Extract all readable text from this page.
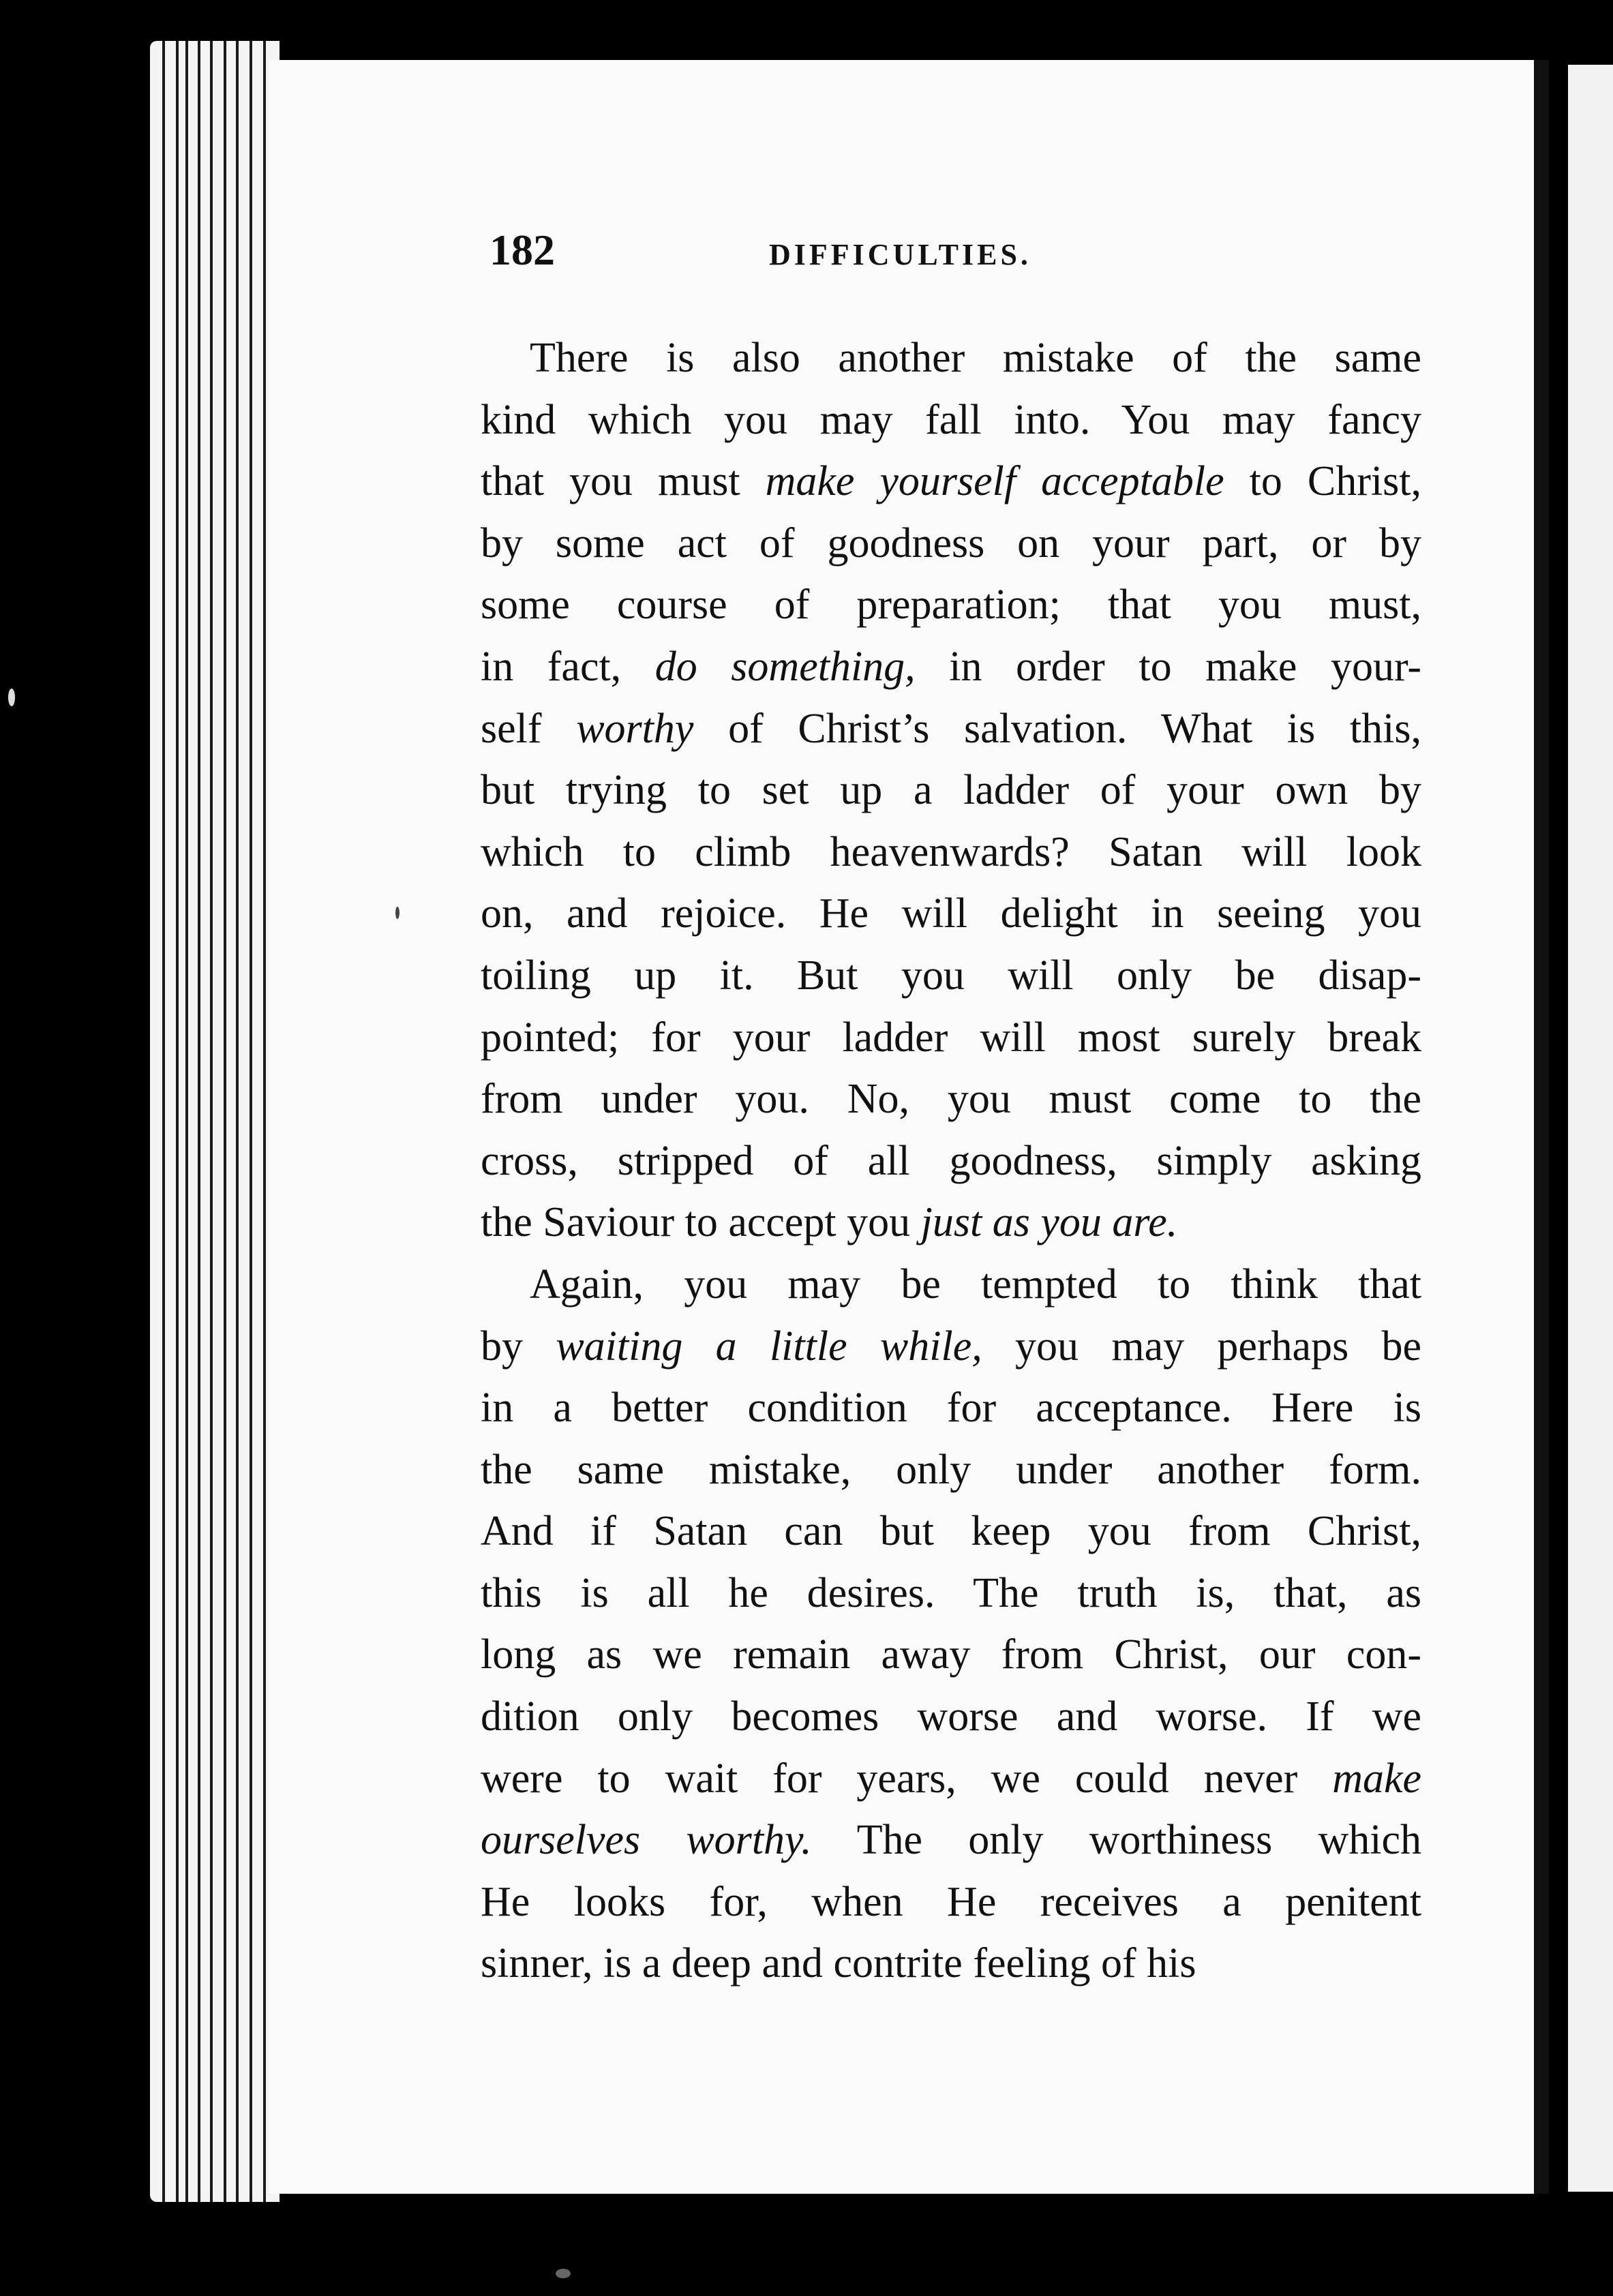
182	DIFFICULTIES.
There is also another mistake of the same
kind which you may fall into. You may fancy
that you must make yourself acceptable to Christ,
by some act of goodness on your part, or by
some course of preparation; that you must,
in fact, do something, in order to make your-
self worthy of Christ’s salvation. What is this,
but trying to set up a ladder of your own by
which to climb heavenwards? Satan will look
on, and rejoice. He will delight in seeing you
toiling up it. But you will only be disap-
pointed; for your ladder will most surely break
from under you. No, you must come to the
cross, stripped of all goodness, simply asking
the Saviour to accept you just as you are.
Again, you may be tempted to think that
by waiting a little while, you may perhaps be
in a better condition for acceptance. Here is
the same mistake, only under another form.
And if Satan can but keep you from Christ,
this is all he desires. The truth is, that, as
long as we remain away from Christ, our con-
dition only becomes worse and worse. If we
were to wait for years, we could never make
ourselves worthy. The only worthiness which
He looks for, when He receives a penitent
sinner, is a deep and contrite feeling of his
